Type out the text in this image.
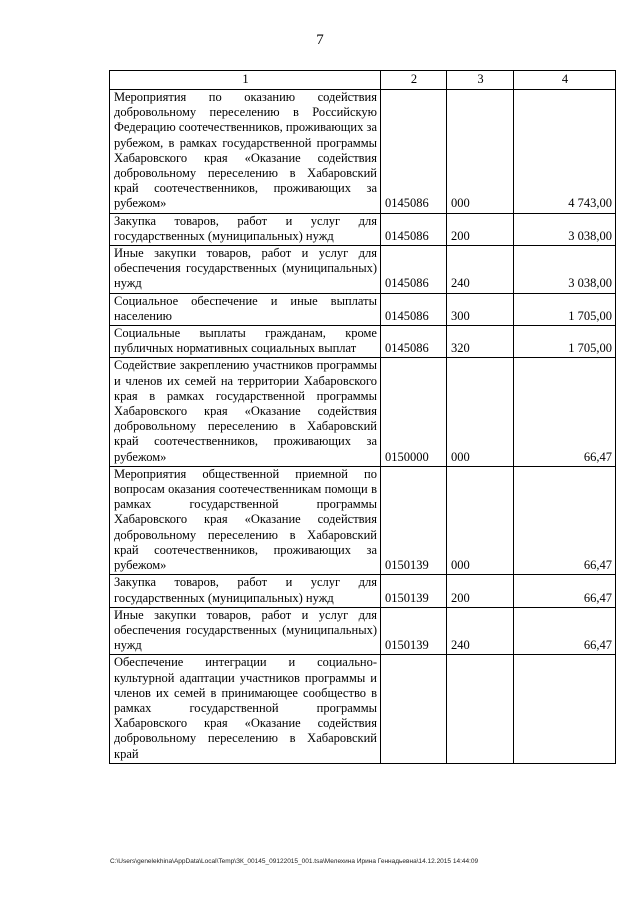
7
1	2	3	4
Мероприятия по оказанию содействия добровольному переселению в Российскую Федерацию соотечественников, проживающих за рубежом, в рамках государственной программы Хабаровского края «Оказание содействия добровольному переселению в Хабаровский край соотечественников, проживающих за рубежом»	0145086	000	4 743,00
Закупка товаров, работ и услуг для государственных (муниципальных) нужд	0145086	200	3 038,00
Иные закупки товаров, работ и услуг для обеспечения государственных (муниципальных) нужд	0145086	240	3 038,00
Социальное обеспечение и иные выплаты населению	0145086	300	1 705,00
Социальные выплаты гражданам, кроме публичных нормативных социальных выплат	0145086	320	1 705,00
Содействие закреплению участников программы и членов их семей на территории Хабаровского края в рамках государственной программы Хабаровского края «Оказание содействия добровольному переселению в Хабаровский край соотечественников, проживающих за рубежом»	0150000	000	66,47
Мероприятия общественной приемной по вопросам оказания соотечественникам помощи в рамках государственной программы Хабаровского края «Оказание содействия добровольному переселению в Хабаровский край соотечественников, проживающих за рубежом»	0150139	000	66,47
Закупка товаров, работ и услуг для государственных (муниципальных) нужд	0150139	200	66,47
Иные закупки товаров, работ и услуг для обеспечения государственных (муниципальных) нужд	0150139	240	66,47
Обеспечение интеграции и социально-культурной адаптации участников программы и членов их семей в принимающее сообщество в рамках государственной программы Хабаровского края «Оказание содействия добровольному переселению в Хабаровский край			
C:\Users\genelekhina\AppData\Local\Temp\ЗК_00145_09122015_001.tsa\Мелехина Ирина Геннадьевна\14.12.2015 14:44:09
